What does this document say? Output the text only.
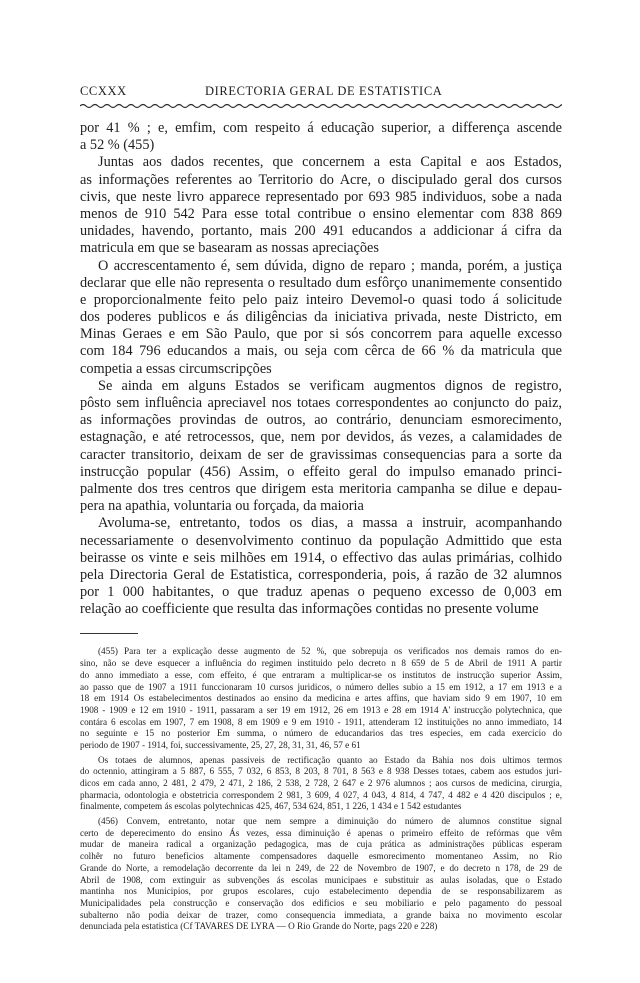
CCXXX	DIRECTORIA GERAL DE ESTATISTICA
por 41 % ; e, emfim, com respeito á educação superior, a differença ascende
a 52 % (455)
Juntas aos dados recentes, que concernem a esta Capital e aos Estados,
as informações referentes ao Territorio do Acre, o discipulado geral dos cursos
civis, que neste livro apparece representado por 693 985 individuos, sobe a nada
menos de 910 542 Para esse total contribue o ensino elementar com 838 869
unidades, havendo, portanto, mais 200 491 educandos a addicionar á cifra da
matricula em que se basearam as nossas apreciações
O accrescentamento é, sem dúvida, digno de reparo ; manda, porém, a justiça
declarar que elle não representa o resultado dum esfôrço unanimemente consentido
e proporcionalmente feito pelo paiz inteiro Devemol-o quasi todo á solicitude
dos poderes publicos e ás diligências da iniciativa privada, neste Districto, em
Minas Geraes e em São Paulo, que por si sós concorrem para aquelle excesso
com 184 796 educandos a mais, ou seja com cêrca de 66 % da matricula que
competia a essas circumscripções
Se ainda em alguns Estados se verificam augmentos dignos de registro,
pôsto sem influência apreciavel nos totaes correspondentes ao conjuncto do paiz,
as informações provindas de outros, ao contrário, denunciam esmorecimento,
estagnação, e até retrocessos, que, nem por devidos, ás vezes, a calamidades de
caracter transitorio, deixam de ser de gravissimas consequencias para a sorte da
instrucção popular (456) Assim, o effeito geral do impulso emanado princi-
palmente dos tres centros que dirigem esta meritoria campanha se dilue e depau-
pera na apathia, voluntaria ou forçada, da maioria
Avoluma-se, entretanto, todos os dias, a massa a instruir, acompanhando
necessariamente o desenvolvimento continuo da população Admittido que esta
beirasse os vinte e seis milhões em 1914, o effectivo das aulas primárias, colhido
pela Directoria Geral de Estatistica, corresponderia, pois, á razão de 32 alumnos
por 1 000 habitantes, o que traduz apenas o pequeno excesso de 0,003 em
relação ao coefficiente que resulta das informações contidas no presente volume
(455) Para ter a explicação desse augmento de 52 %, que sobrepuja os verificados nos demais ramos do en-
sino, não se deve esquecer a influência do regimen instituido pelo decreto n 8 659 de 5 de Abril de 1911 A partir
do anno immediato a esse, com effeito, é que entraram a multiplicar-se os institutos de instrucção superior Assim,
ao passo que de 1907 a 1911 funccionaram 10 cursos juridicos, o número delles subio a 15 em 1912, a 17 em 1913 e a
18 em 1914 Os estabelecimentos destinados ao ensino da medicina e artes affins, que haviam sido 9 em 1907, 10 em
1908 - 1909 e 12 em 1910 - 1911, passaram a ser 19 em 1912, 26 em 1913 e 28 em 1914 A' instrucção polytechnica, que
contára 6 escolas em 1907, 7 em 1908, 8 em 1909 e 9 em 1910 - 1911, attenderam 12 instituições no anno immediato, 14
no seguinte e 15 no posterior Em summa, o número de educandarios das tres especies, em cada exercicio do
periodo de 1907 - 1914, foi, successivamente, 25, 27, 28, 31, 31, 46, 57 e 61
Os totaes de alumnos, apenas passiveis de rectificação quanto ao Estado da Bahia nos dois ultimos termos
do octennio, attingiram a 5 887, 6 555, 7 032, 6 853, 8 203, 8 701, 8 563 e 8 938 Desses totaes, cabem aos estudos juri-
dicos em cada anno, 2 481, 2 479, 2 471, 2 186, 2 538, 2 728, 2 647 e 2 976 alumnos ; aos cursos de medicina, cirurgia,
pharmacia, odontologia e obstetricia correspondem 2 981, 3 609, 4 027, 4 043, 4 814, 4 747, 4 482 e 4 420 discipulos ; e,
finalmente, competem ás escolas polytechnicas 425, 467, 534 624, 851, 1 226, 1 434 e 1 542 estudantes
(456) Convem, entretanto, notar que nem sempre a diminuição do número de alumnos constitue signal
certo de deperecimento do ensino Ás vezes, essa diminuição é apenas o primeiro effeito de refórmas que vêm
mudar de maneira radical a organização pedagogica, mas de cuja prática as administrações públicas esperam
colhêr no futuro beneficios altamente compensadores daquelle esmorecimento momentaneo Assim, no Rio
Grande do Norte, a remodelação decorrente da lei n 249, de 22 de Novembro de 1907, e do decreto n 178, de 29 de
Abril de 1908, com extinguir as subvenções ás escolas municipaes e substituir as aulas isoladas, que o Estado
mantinha nos Municipios, por grupos escolares, cujo estabelecimento dependia de se responsabilizarem as
Municipalidades pela construcção e conservação dos edificios e seu mobiliario e pelo pagamento do pessoal
subalterno não podia deixar de trazer, como consequencia immediata, a grande baixa no movimento escolar
denunciada pela estatistica (Cf TAVARES DE LYRA — O Rio Grande do Norte, pags 220 e 228)
